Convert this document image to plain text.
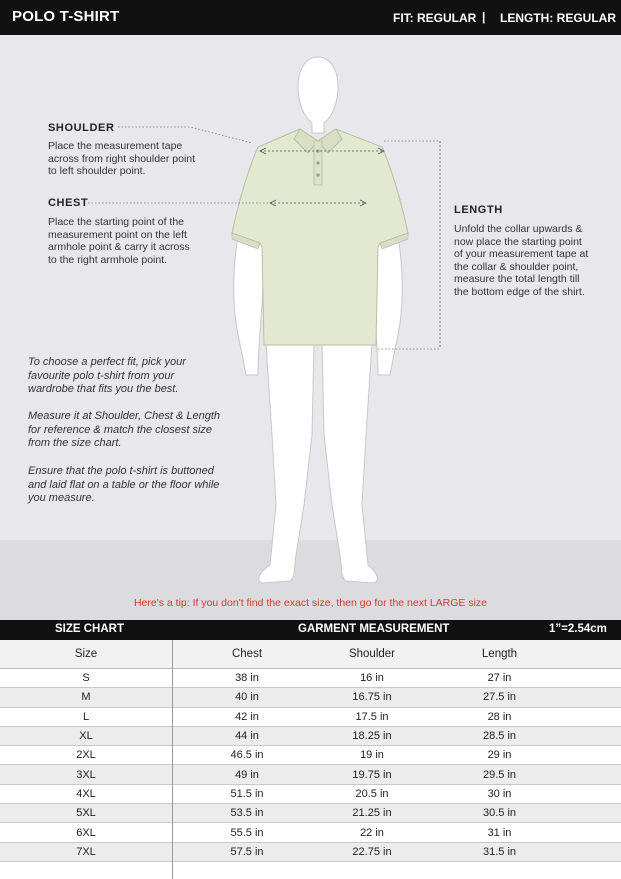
POLO T-SHIRT	FIT: REGULAR | LENGTH: REGULAR
SHOULDER
Place the measurement tape
across from right shoulder point
to left shoulder point.
CHEST
Place the starting point of the
measurement point on the left
armhole point & carry it across
to the right armhole point.
LENGTH
Unfold the collar upwards &
now place the starting point
of your measurement tape at
the collar & shoulder point,
measure the total length till
the bottom edge of the shirt.
To choose a perfect fit, pick your
favourite polo t-shirt from your
wardrobe that fits you the best.
Measure it at Shoulder, Chest & Length
for reference & match the closest size
from the size chart.
Ensure that the polo t-shirt is buttoned
and laid flat on a table or the floor while
you measure.
Here's a tip: If you don't find the exact size, then go for the next LARGE size
SIZE CHART	GARMENT MEASUREMENT	1”=2.54cm
Size	Chest	Shoulder	Length
S	38 in	16 in	27 in
M	40 in	16.75 in	27.5 in
L	42 in	17.5 in	28 in
XL	44 in	18.25 in	28.5 in
2XL	46.5 in	19 in	29 in
3XL	49 in	19.75 in	29.5 in
4XL	51.5 in	20.5 in	30 in
5XL	53.5 in	21.25 in	30.5 in
6XL	55.5 in	22 in	31 in
7XL	57.5 in	22.75 in	31.5 in
